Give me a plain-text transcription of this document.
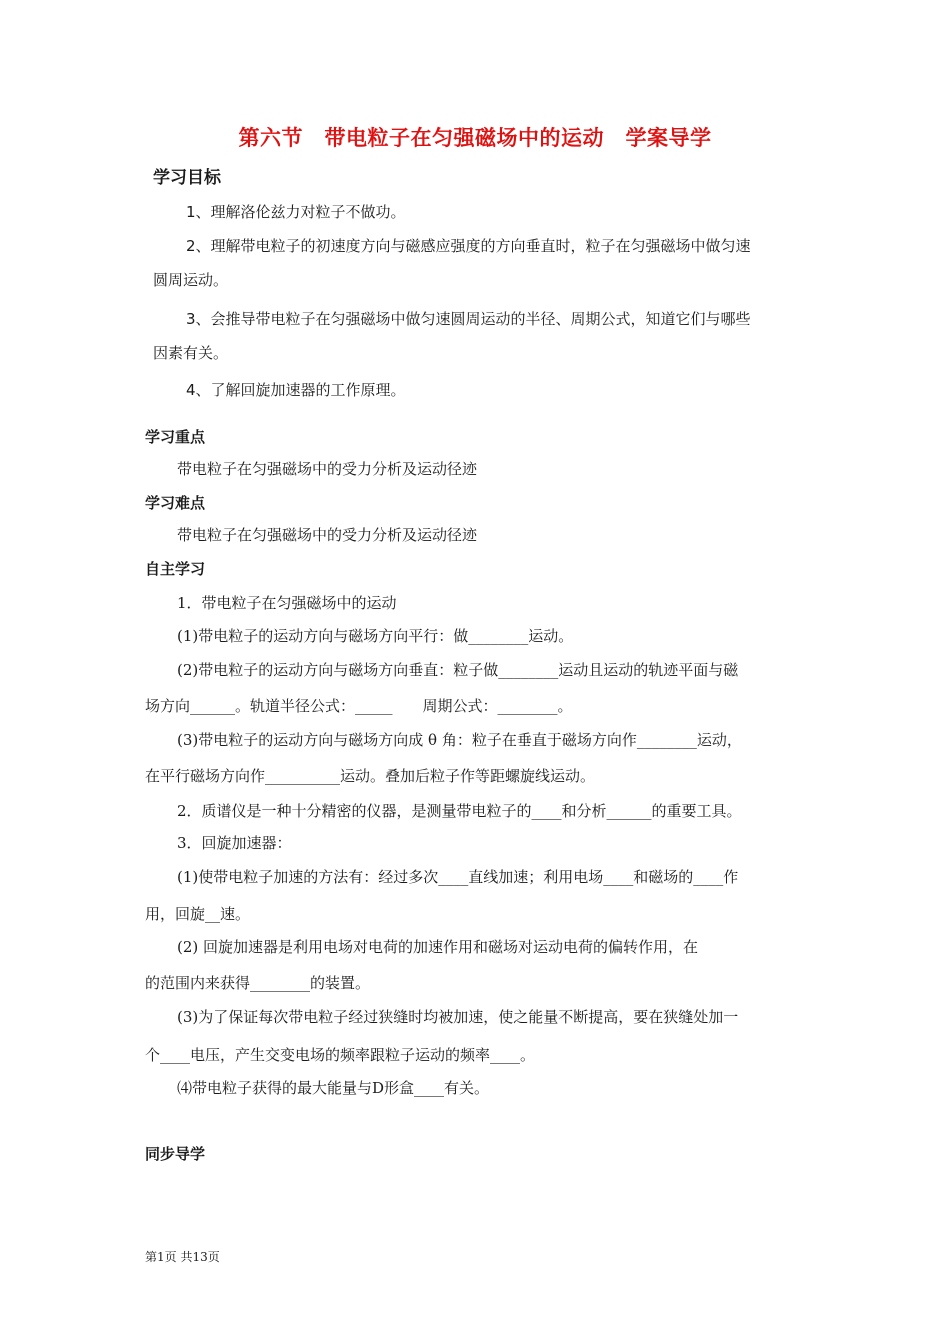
第六节　带电粒子在匀强磁场中的运动　学案导学
学习目标
1、理解洛伦兹力对粒子不做功。
2、理解带电粒子的初速度方向与磁感应强度的方向垂直时，粒子在匀强磁场中做匀速
圆周运动。
3、会推导带电粒子在匀强磁场中做匀速圆周运动的半径、周期公式，知道它们与哪些
因素有关。
4、了解回旋加速器的工作原理。
学习重点
带电粒子在匀强磁场中的受力分析及运动径迹
学习难点
带电粒子在匀强磁场中的受力分析及运动径迹
自主学习
1．带电粒子在匀强磁场中的运动
(1)带电粒子的运动方向与磁场方向平行：做________运动。
(2)带电粒子的运动方向与磁场方向垂直：粒子做________运动且运动的轨迹平面与磁
场方向______。轨道半径公式：_____　　周期公式：________。
(3)带电粒子的运动方向与磁场方向成 θ 角：粒子在垂直于磁场方向作________运动，
在平行磁场方向作__________运动。叠加后粒子作等距螺旋线运动。
2．质谱仪是一种十分精密的仪器，是测量带电粒子的____和分析______的重要工具。
3．回旋加速器：
(1)使带电粒子加速的方法有：经过多次____直线加速；利用电场____和磁场的____作
用，回旋__速。
(2) 回旋加速器是利用电场对电荷的加速作用和磁场对运动电荷的偏转作用，在
的范围内来获得________的装置。
(3)为了保证每次带电粒子经过狭缝时均被加速，使之能量不断提高，要在狭缝处加一
个____电压，产生交变电场的频率跟粒子运动的频率____。
⑷带电粒子获得的最大能量与D形盒____有关。
同步导学
第1页 共13页
